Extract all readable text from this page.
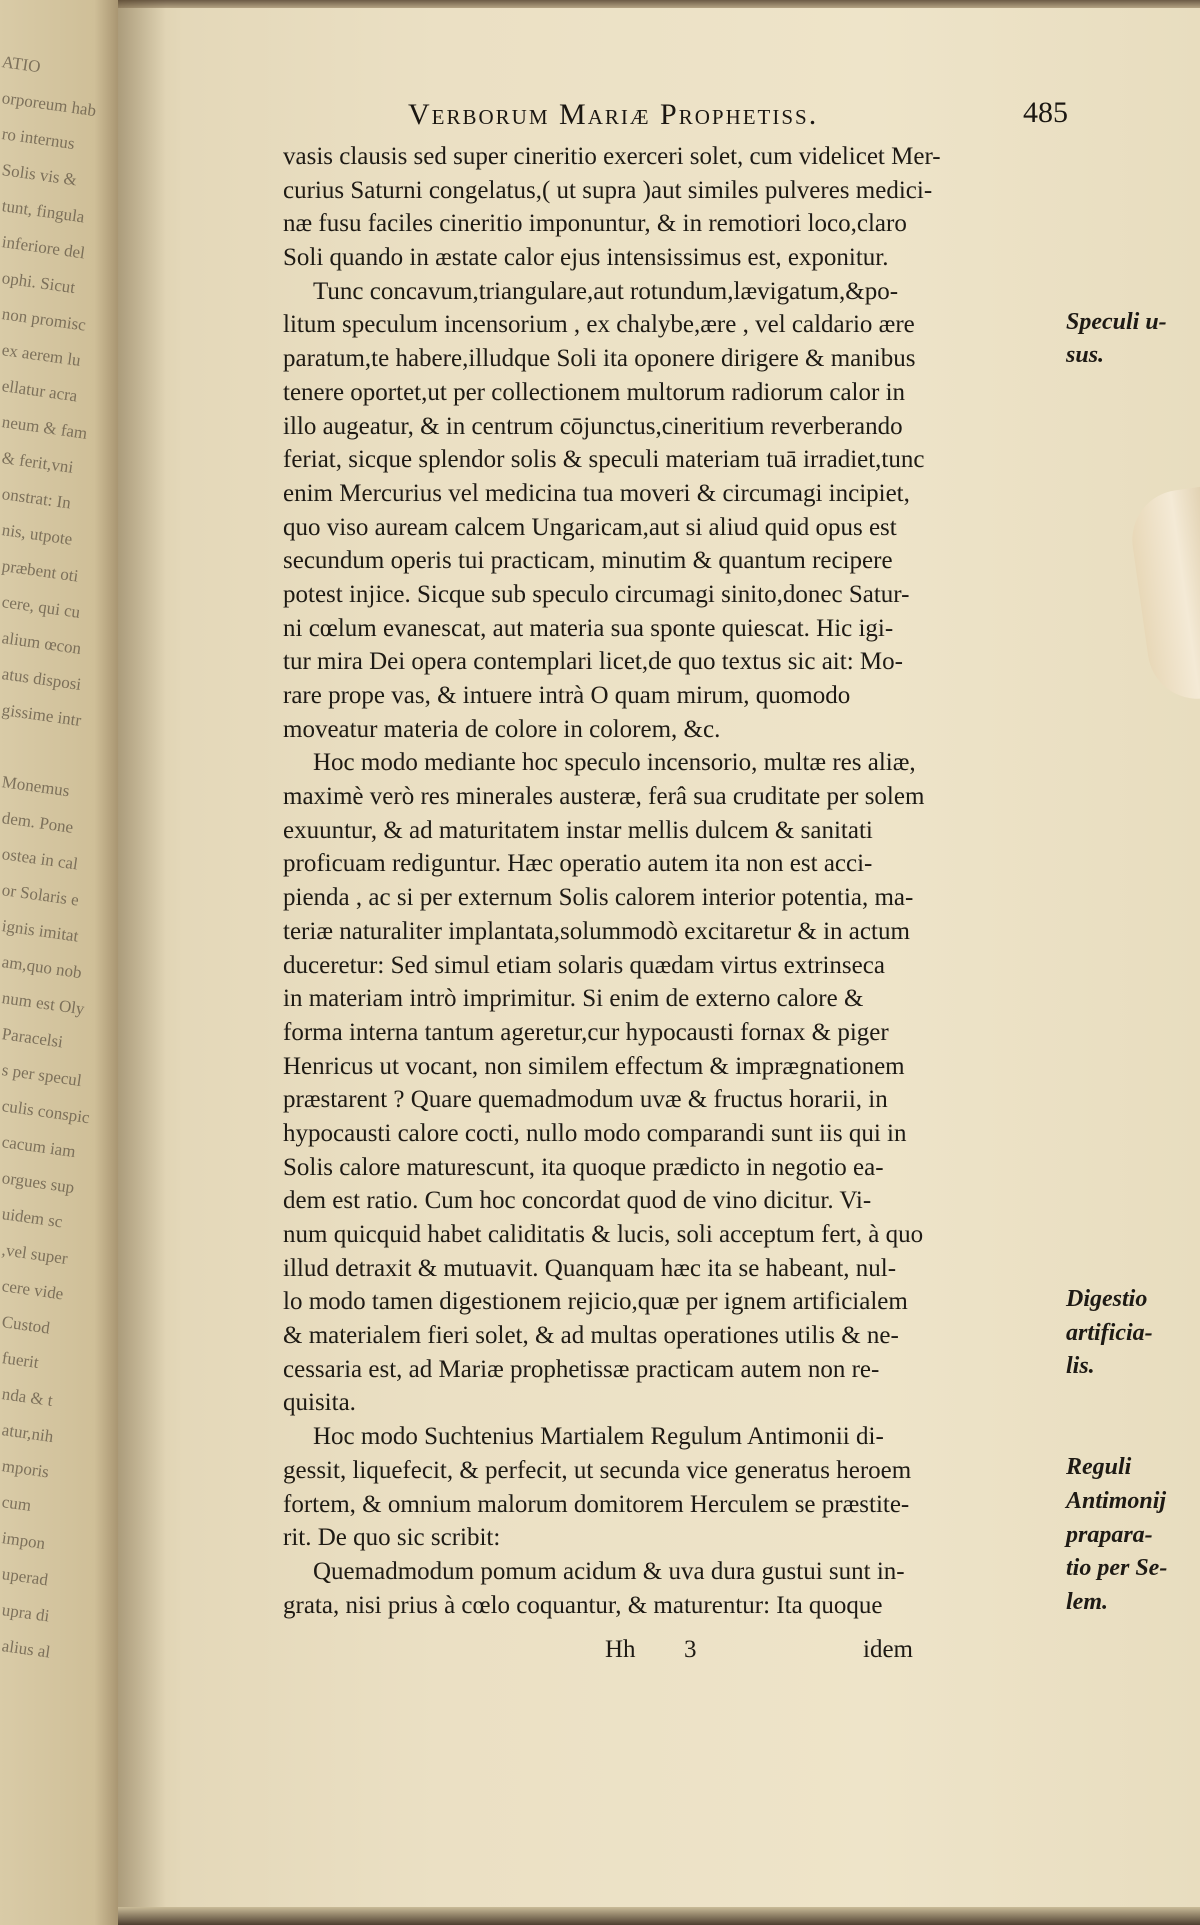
ATIO
orporeum hab
ro internus
Solis vis &
tunt, fingula
inferiore del
ophi. Sicut
non promisc
ex aerem lu
ellatur acra
neum & fam
& ferit,vni
onstrat: In
nis, utpote
præbent oti
cere, qui cu
alium œcon
atus disposi
gissime intr
Monemus
dem. Pone
ostea in cal
or Solaris e
ignis imitat
am,quo nob
num est Oly
Paracelsi
s per specul
culis conspic
cacum iam
orgues sup
uidem sc
,vel super
cere vide
Custod
fuerit
nda & t
atur,nih
mporis
cum
impon
uperad
upra di
alius al
Verborum Mariæ Prophetiss.	485
vasis clausis sed super cineritio exerceri solet, cum videlicet Mer-
curius Saturni congelatus,( ut supra )aut similes pulveres medici-
næ fusu faciles cineritio imponuntur, & in remotiori loco,claro
Soli quando in æstate calor ejus intensissimus est, exponitur.
Tunc concavum,triangulare,aut rotundum,lævigatum,&po-
litum speculum incensorium , ex chalybe,ære , vel caldario ære
paratum,te habere,illudque Soli ita oponere dirigere & manibus
tenere oportet,ut per collectionem multorum radiorum calor in
illo augeatur, & in centrum cōjunctus,cineritium reverberando
feriat, sicque splendor solis & speculi materiam tuā irradiet,tunc
enim Mercurius vel medicina tua moveri & circumagi incipiet,
quo viso auream calcem Ungaricam,aut si aliud quid opus est
secundum operis tui practicam, minutim & quantum recipere
potest injice. Sicque sub speculo circumagi sinito,donec Satur-
ni cœlum evanescat, aut materia sua sponte quiescat. Hic igi-
tur mira Dei opera contemplari licet,de quo textus sic ait: Mo-
rare prope vas, & intuere intrà O quam mirum, quomodo
moveatur materia de colore in colorem, &c.
Hoc modo mediante hoc speculo incensorio, multæ res aliæ,
maximè verò res minerales austeræ, ferâ sua cruditate per solem
exuuntur, & ad maturitatem instar mellis dulcem & sanitati
proficuam rediguntur. Hæc operatio autem ita non est acci-
pienda , ac si per externum Solis calorem interior potentia, ma-
teriæ naturaliter implantata,solummodò excitaretur & in actum
duceretur: Sed simul etiam solaris quædam virtus extrinseca
in materiam intrò imprimitur. Si enim de externo calore &
forma interna tantum ageretur,cur hypocausti fornax & piger
Henricus ut vocant, non similem effectum & imprægnationem
præstarent ? Quare quemadmodum uvæ & fructus horarii, in
hypocausti calore cocti, nullo modo comparandi sunt iis qui in
Solis calore maturescunt, ita quoque prædicto in negotio ea-
dem est ratio. Cum hoc concordat quod de vino dicitur. Vi-
num quicquid habet caliditatis & lucis, soli acceptum fert, à quo
illud detraxit & mutuavit. Quanquam hæc ita se habeant, nul-
lo modo tamen digestionem rejicio,quæ per ignem artificialem
& materialem fieri solet, & ad multas operationes utilis & ne-
cessaria est, ad Mariæ prophetissæ practicam autem non re-
quisita.
Hoc modo Suchtenius Martialem Regulum Antimonii di-
gessit, liquefecit, & perfecit, ut secunda vice generatus heroem
fortem, & omnium malorum domitorem Herculem se præstite-
rit. De quo sic scribit:
Quemadmodum pomum acidum & uva dura gustui sunt in-
grata, nisi prius à cœlo coquantur, & maturentur: Ita quoque
Speculi u-
sus.
Digestio
artificia-
lis.
Reguli
Antimonij
prapara-
tio per Se-
lem.
Hh 3	idem
